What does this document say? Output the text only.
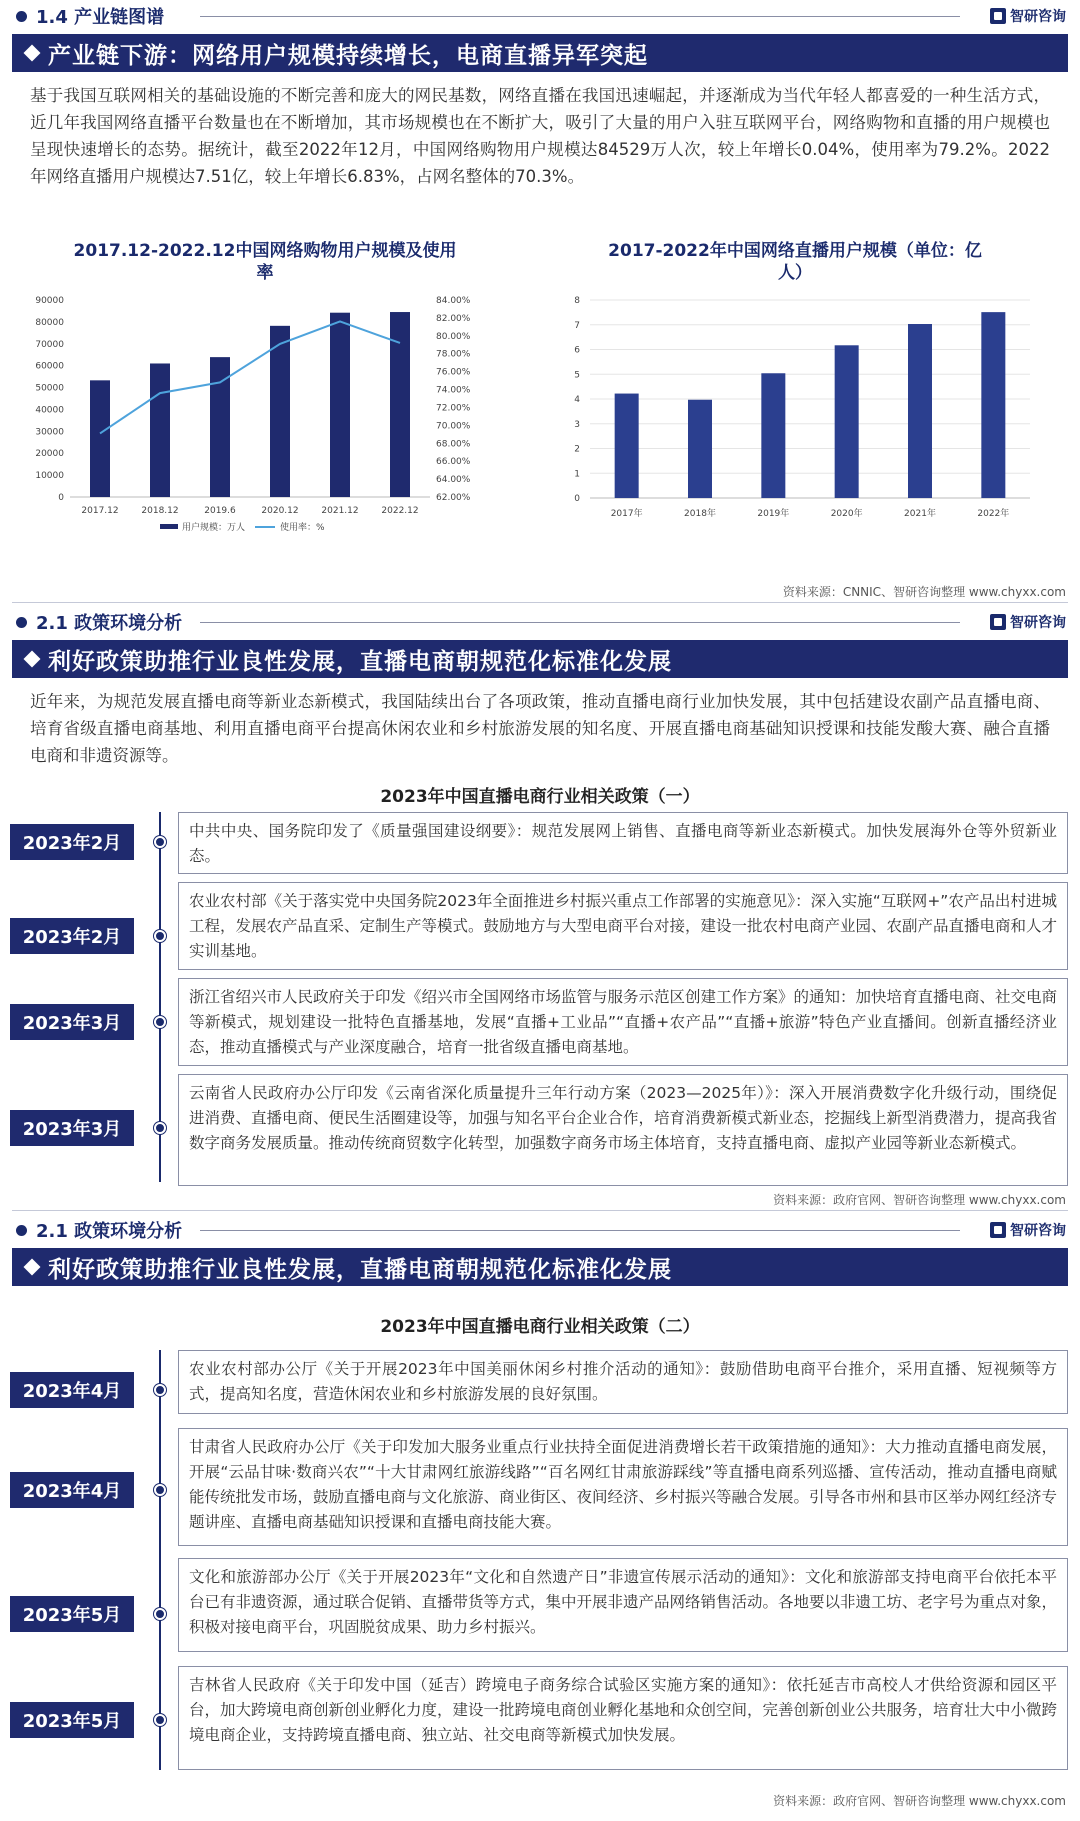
1.4 产业链图谱	智研咨询
产业链下游：网络用户规模持续增长，电商直播异军突起

基于我国互联网相关的基础设施的不断完善和庞大的网民基数，网络直播在我国迅速崛起，并逐渐成为当代年轻人都喜爱的一种生活方式，近几年我国网络直播平台数量也在不断增加，其市场规模也在不断扩大，吸引了大量的用户入驻互联网平台，网络购物和直播的用户规模也呈现快速增长的态势。据统计，截至2022年12月，中国网络购物用户规模达84529万人次，较上年增长0.04%，使用率为79.2%。2022年网络直播用户规模达7.51亿，较上年增长6.83%，占网名整体的70.3%。

2017.12-2022.12中国网络购物用户规模及使用率
2017-2022年中国网络直播用户规模（单位：亿人）
0
10000
20000
30000
40000
50000
60000
70000
80000
90000
62.00%
64.00%
66.00%
68.00%
70.00%
72.00%
74.00%
76.00%
78.00%
80.00%
82.00%
84.00%
2017.12	2018.12	2019.6	2020.12	2021.12	2022.12
用户规模：万人	使用率：%
0
1
2
3
4
5
6
7
8
2017年	2018年	2019年	2020年	2021年	2022年
资料来源：CNNIC、智研咨询整理 www.chyxx.com
2.1 政策环境分析	智研咨询
利好政策助推行业良性发展，直播电商朝规范化标准化发展

近年来，为规范发展直播电商等新业态新模式，我国陆续出台了各项政策，推动直播电商行业加快发展，其中包括建设农副产品直播电商、培育省级直播电商基地、利用直播电商平台提高休闲农业和乡村旅游发展的知名度、开展直播电商基础知识授课和技能发酸大赛、融合直播电商和非遗资源等。

2023年中国直播电商行业相关政策（一）
中共中央、国务院印发了《质量强国建设纲要》：规范发展网上销售、直播电商等新业态新模式。加快发展海外仓等外贸新业态。
2023年2月
农业农村部《关于落实党中央国务院2023年全面推进乡村振兴重点工作部署的实施意见》：深入实施“互联网+”农产品出村进城工程，发展农产品直采、定制生产等模式。鼓励地方与大型电商平台对接，建设一批农村电商产业园、农副产品直播电商和人才实训基地。
2023年2月
浙江省绍兴市人民政府关于印发《绍兴市全国网络市场监管与服务示范区创建工作方案》的通知：加快培育直播电商、社交电商等新模式，规划建设一批特色直播基地，发展“直播+工业品”“直播+农产品”“直播+旅游”特色产业直播间。创新直播经济业态，推动直播模式与产业深度融合，培育一批省级直播电商基地。
2023年3月
云南省人民政府办公厅印发《云南省深化质量提升三年行动方案（2023—2025年）》：深入开展消费数字化升级行动，围绕促进消费、直播电商、便民生活圈建设等，加强与知名平台企业合作，培育消费新模式新业态，挖掘线上新型消费潜力，提高我省数字商务发展质量。推动传统商贸数字化转型，加强数字商务市场主体培育，支持直播电商、虚拟产业园等新业态新模式。
2023年3月
资料来源：政府官网、智研咨询整理 www.chyxx.com
2.1 政策环境分析	智研咨询
利好政策助推行业良性发展，直播电商朝规范化标准化发展
2023年中国直播电商行业相关政策（二）
农业农村部办公厅《关于开展2023年中国美丽休闲乡村推介活动的通知》：鼓励借助电商平台推介，采用直播、短视频等方式，提高知名度，营造休闲农业和乡村旅游发展的良好氛围。
2023年4月
甘肃省人民政府办公厅《关于印发加大服务业重点行业扶持全面促进消费增长若干政策措施的通知》：大力推动直播电商发展，开展“云品甘味·数商兴农”“十大甘肃网红旅游线路”“百名网红甘肃旅游踩线”等直播电商系列巡播、宣传活动，推动直播电商赋能传统批发市场，鼓励直播电商与文化旅游、商业街区、夜间经济、乡村振兴等融合发展。引导各市州和县市区举办网红经济专题讲座、直播电商基础知识授课和直播电商技能大赛。
2023年4月
文化和旅游部办公厅《关于开展2023年“文化和自然遗产日”非遗宣传展示活动的通知》：文化和旅游部支持电商平台依托本平台已有非遗资源，通过联合促销、直播带货等方式，集中开展非遗产品网络销售活动。各地要以非遗工坊、老字号为重点对象，积极对接电商平台，巩固脱贫成果、助力乡村振兴。
2023年5月
吉林省人民政府《关于印发中国（延吉）跨境电子商务综合试验区实施方案的通知》：依托延吉市高校人才供给资源和园区平台，加大跨境电商创新创业孵化力度，建设一批跨境电商创业孵化基地和众创空间，完善创新创业公共服务，培育壮大中小微跨境电商企业，支持跨境直播电商、独立站、社交电商等新模式加快发展。
2023年5月
资料来源：政府官网、智研咨询整理 www.chyxx.com
